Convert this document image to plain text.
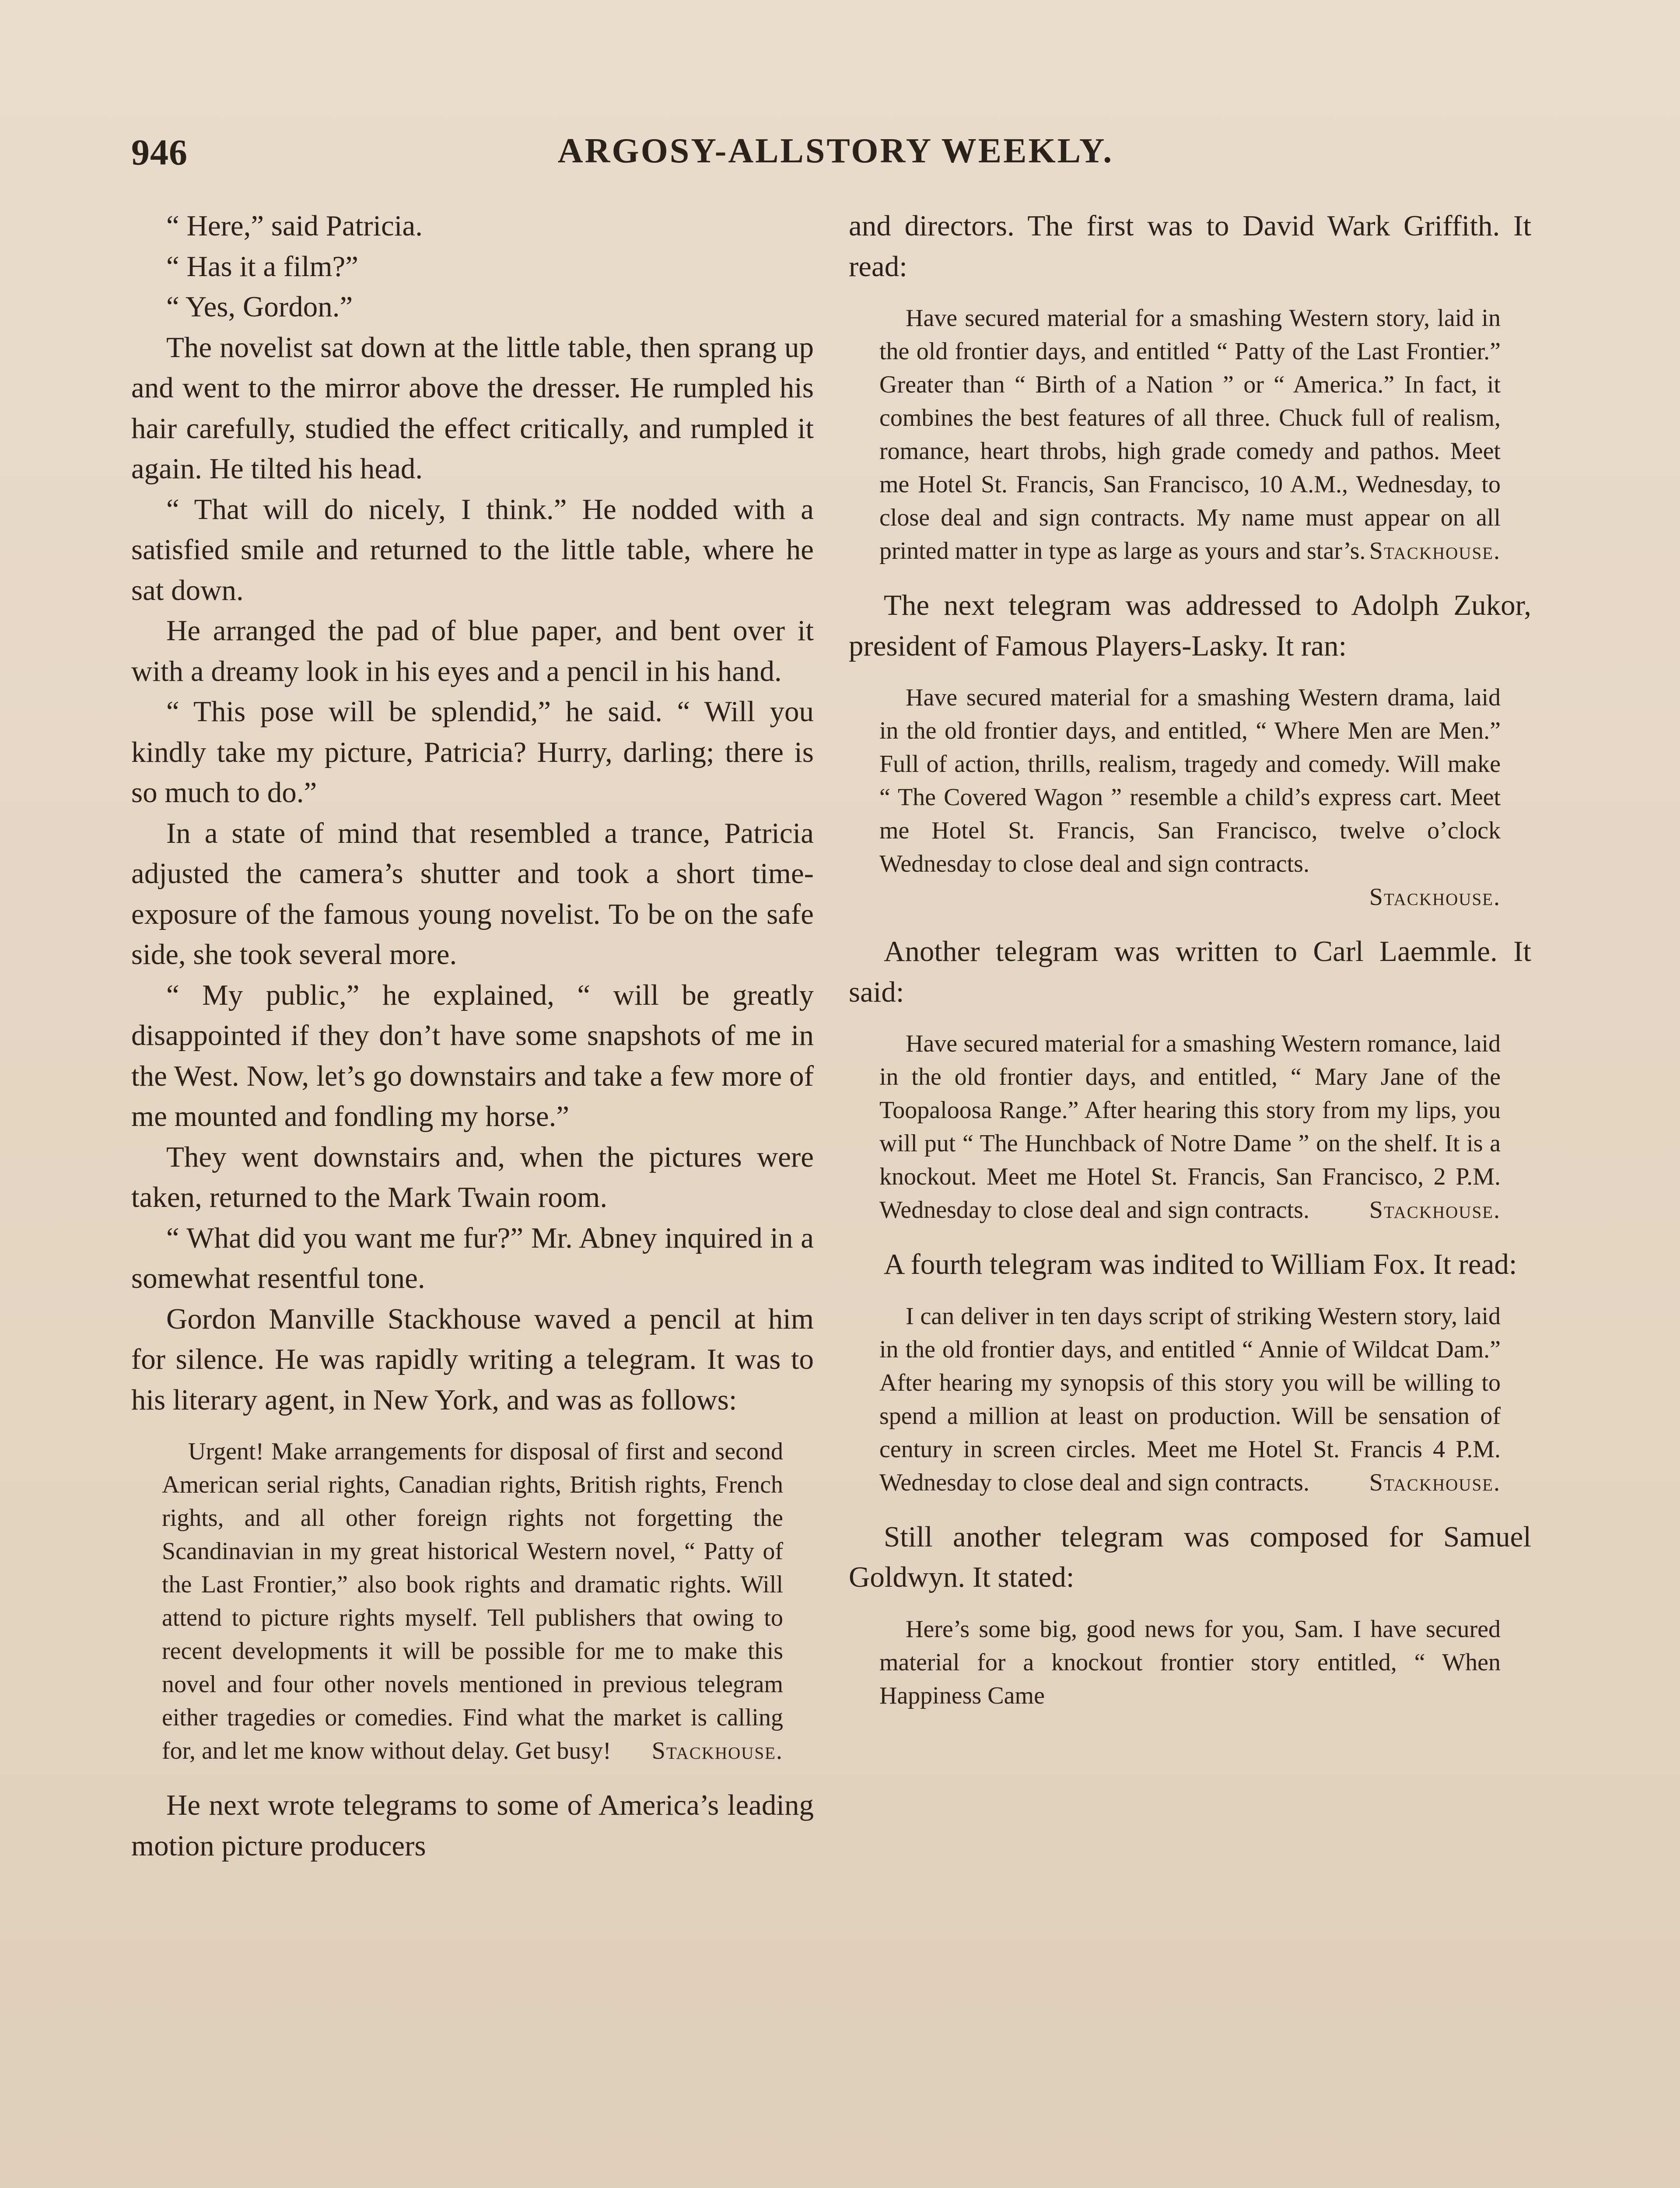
946	ARGOSY-ALLSTORY WEEKLY.

“ Here,” said Patricia.

“ Has it a film?”

“ Yes, Gordon.”

The novelist sat down at the little table, then sprang up and went to the mirror above the dresser. He rumpled his hair carefully, studied the effect critically, and rumpled it again. He tilted his head.

“ That will do nicely, I think.” He nodded with a satisfied smile and returned to the little table, where he sat down.

He arranged the pad of blue paper, and bent over it with a dreamy look in his eyes and a pencil in his hand.

“ This pose will be splendid,” he said. “ Will you kindly take my picture, Patricia? Hurry, darling; there is so much to do.”

In a state of mind that resembled a trance, Patricia adjusted the camera’s shutter and took a short time-exposure of the famous young novelist. To be on the safe side, she took several more.

“ My public,” he explained, “ will be greatly disappointed if they don’t have some snapshots of me in the West. Now, let’s go downstairs and take a few more of me mounted and fondling my horse.”

They went downstairs and, when the pictures were taken, returned to the Mark Twain room.

“ What did you want me fur?” Mr. Abney inquired in a somewhat resentful tone.

Gordon Manville Stackhouse waved a pencil at him for silence. He was rapidly writing a telegram. It was to his literary agent, in New York, and was as follows:

Urgent! Make arrangements for disposal of first and second American serial rights, Canadian rights, British rights, French rights, and all other foreign rights not forgetting the Scandinavian in my great historical Western novel, “ Patty of the Last Frontier,” also book rights and dramatic rights. Will attend to picture rights myself. Tell publishers that owing to recent developments it will be possible for me to make this novel and four other novels mentioned in previous telegram either tragedies or comedies. Find what the market is calling for, and let me know without delay. Get busy! Stackhouse.

He next wrote telegrams to some of America’s leading motion picture producers

and directors. The first was to David Wark Griffith. It read:

Have secured material for a smashing Western story, laid in the old frontier days, and entitled “ Patty of the Last Frontier.” Greater than “ Birth of a Nation ” or “ America.” In fact, it combines the best features of all three. Chuck full of realism, romance, heart throbs, high grade comedy and pathos. Meet me Hotel St. Francis, San Francisco, 10 A.M., Wednesday, to close deal and sign contracts. My name must appear on all printed matter in type as large as yours and star’s. Stackhouse.

The next telegram was addressed to Adolph Zukor, president of Famous Players-Lasky. It ran:

Have secured material for a smashing Western drama, laid in the old frontier days, and entitled, “ Where Men are Men.” Full of action, thrills, realism, tragedy and comedy. Will make “ The Covered Wagon ” resemble a child’s express cart. Meet me Hotel St. Francis, San Francisco, twelve o’clock Wednesday to close deal and sign contracts.
Stackhouse.

Another telegram was written to Carl Laemmle. It said:

Have secured material for a smashing Western romance, laid in the old frontier days, and entitled, “ Mary Jane of the Toopaloosa Range.” After hearing this story from my lips, you will put “ The Hunchback of Notre Dame ” on the shelf. It is a knockout. Meet me Hotel St. Francis, San Francisco, 2 P.M. Wednesday to close deal and sign contracts. Stackhouse.

A fourth telegram was indited to William Fox. It read:

I can deliver in ten days script of striking Western story, laid in the old frontier days, and entitled “ Annie of Wildcat Dam.” After hearing my synopsis of this story you will be willing to spend a million at least on production. Will be sensation of century in screen circles. Meet me Hotel St. Francis 4 P.M. Wednesday to close deal and sign contracts. Stackhouse.

Still another telegram was composed for Samuel Goldwyn. It stated:

Here’s some big, good news for you, Sam. I have secured material for a knockout frontier story entitled, “ When Happiness Came
